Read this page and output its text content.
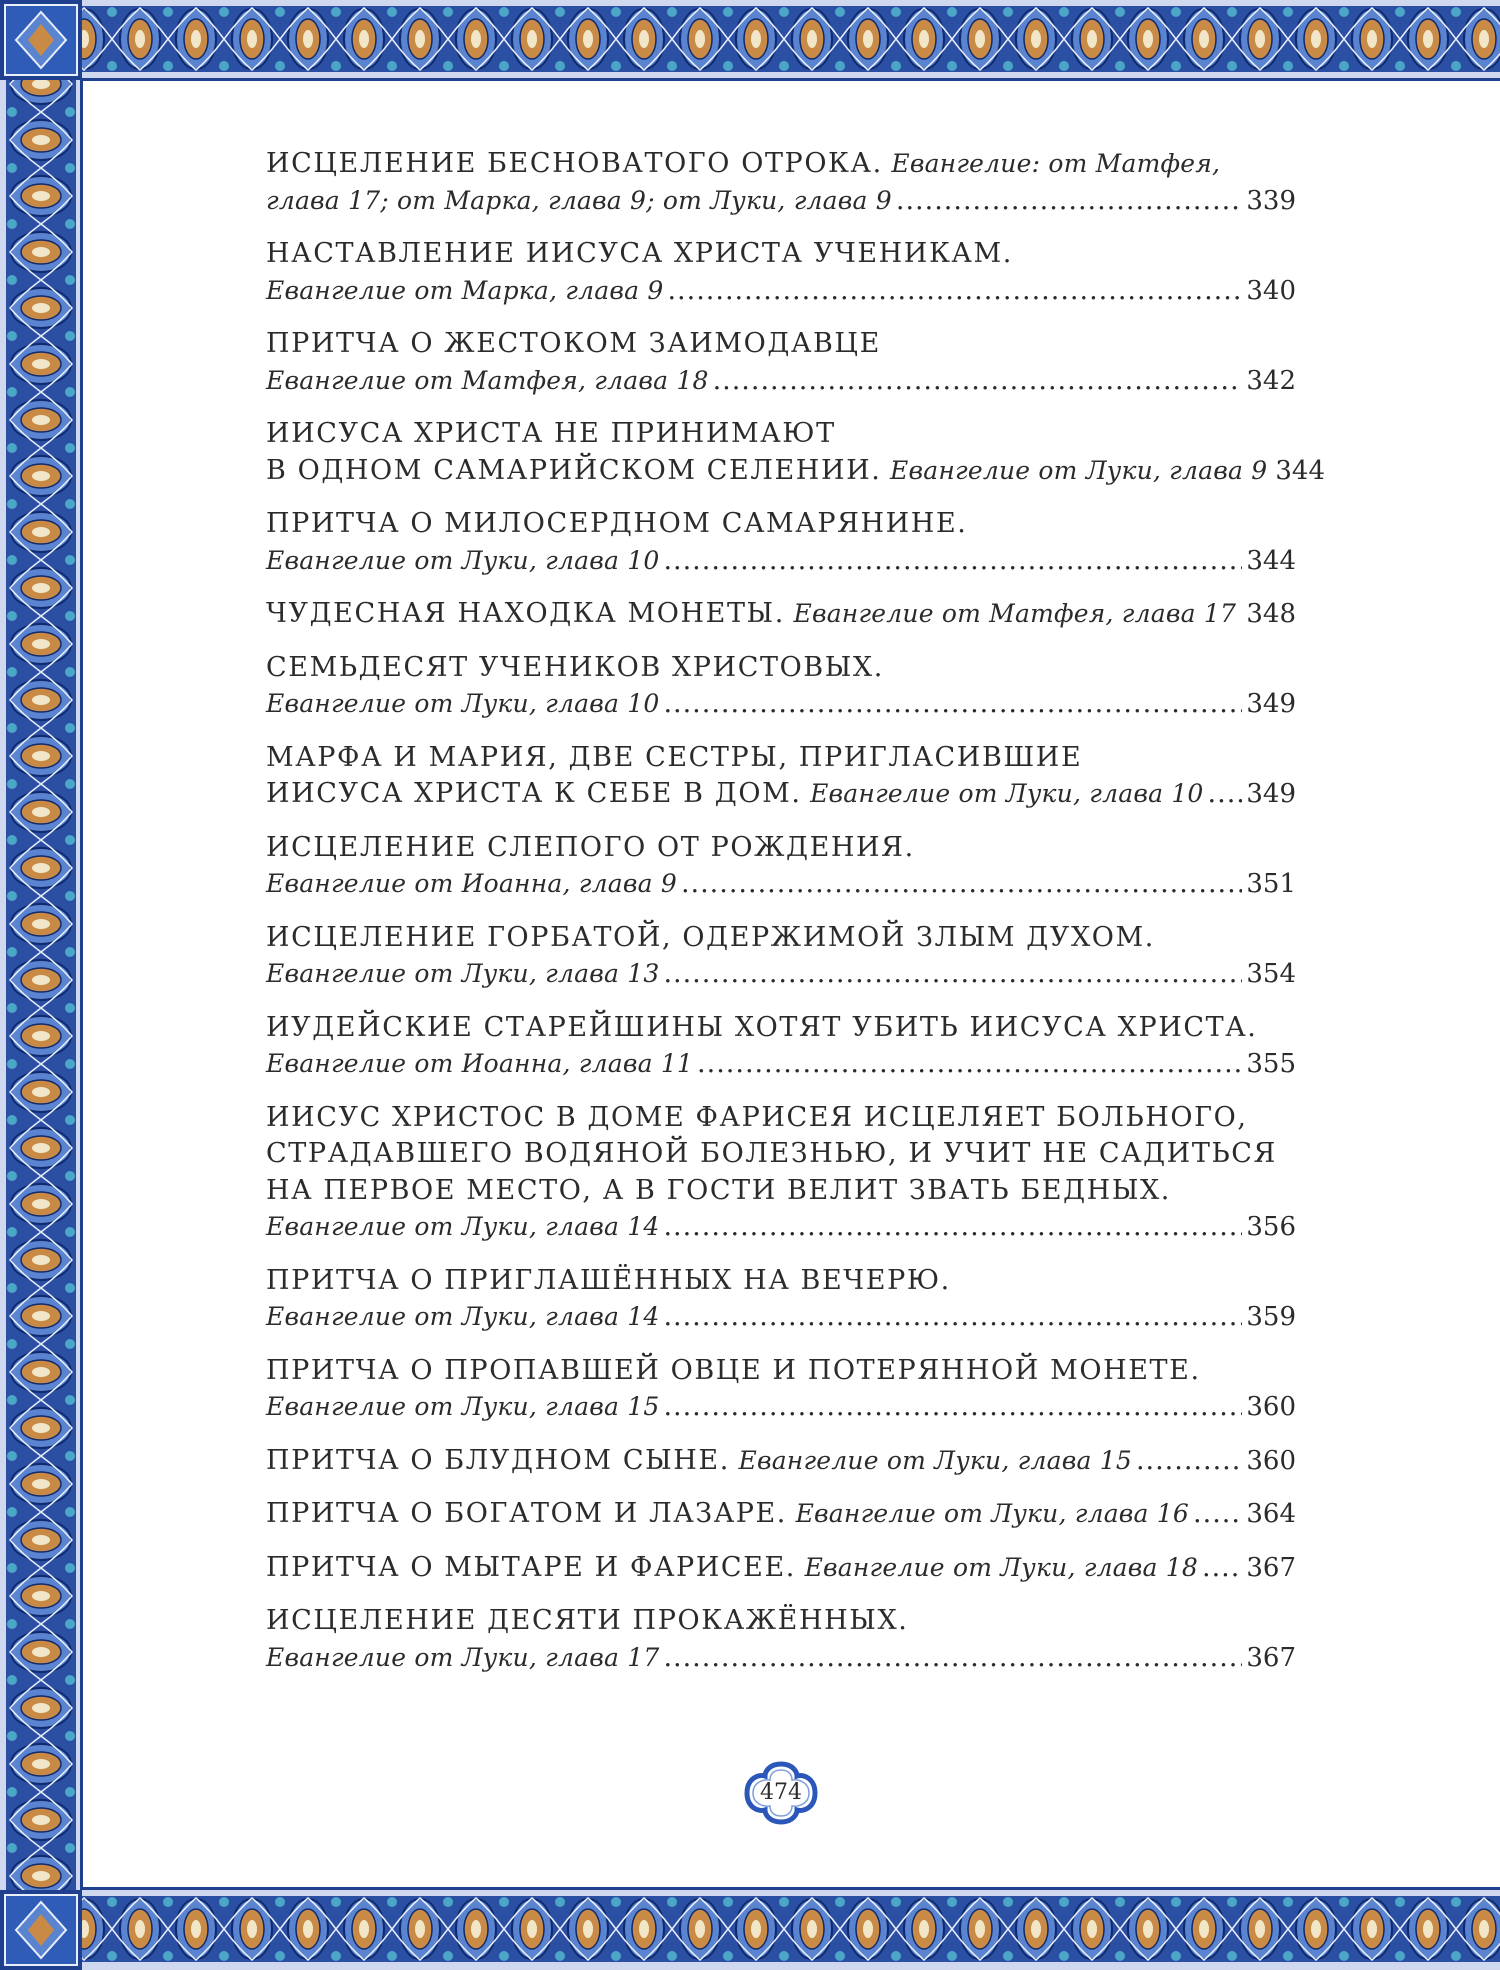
ИСЦЕЛЕНИЕ БЕСНОВАТОГО ОТРОКА. Евангелие: от Матфея,
глава 17; от Марка, глава 9; от Луки, глава 9 .....	339
НАСТАВЛЕНИЕ ИИСУСА ХРИСТА УЧЕНИКАМ.
Евангелие от Марка, глава 9 .....	340
ПРИТЧА О ЖЕСТОКОМ ЗАИМОДАВЦЕ
Евангелие от Матфея, глава 18 .....	342
ИИСУСА ХРИСТА НЕ ПРИНИМАЮТ
В ОДНОМ САМАРИЙСКОМ СЕЛЕНИИ. Евангелие от Луки, глава 9 344
ПРИТЧА О МИЛОСЕРДНОМ САМАРЯНИНЕ.
Евангелие от Луки, глава 10 .....	344
ЧУДЕСНАЯ НАХОДКА МОНЕТЫ. Евангелие от Матфея, глава 17 ..... 348
СЕМЬДЕСЯТ УЧЕНИКОВ ХРИСТОВЫХ.
Евангелие от Луки, глава 10 .....	349
МАРФА И МАРИЯ, ДВЕ СЕСТРЫ, ПРИГЛАСИВШИЕ
ИИСУСА ХРИСТА К СЕБЕ В ДОМ. Евангелие от Луки, глава 10 ..... 349
ИСЦЕЛЕНИЕ СЛЕПОГО ОТ РОЖДЕНИЯ.
Евангелие от Иоанна, глава 9 .....	351
ИСЦЕЛЕНИЕ ГОРБАТОЙ, ОДЕРЖИМОЙ ЗЛЫМ ДУХОМ.
Евангелие от Луки, глава 13 .....	354
ИУДЕЙСКИЕ СТАРЕЙШИНЫ ХОТЯТ УБИТЬ ИИСУСА ХРИСТА.
Евангелие от Иоанна, глава 11 .....	355
ИИСУС ХРИСТОС В ДОМЕ ФАРИСЕЯ ИСЦЕЛЯЕТ БОЛЬНОГО,
СТРАДАВШЕГО ВОДЯНОЙ БОЛЕЗНЬЮ, И УЧИТ НЕ САДИТЬСЯ
НА ПЕРВОЕ МЕСТО, А В ГОСТИ ВЕЛИТ ЗВАТЬ БЕДНЫХ.
Евангелие от Луки, глава 14 .....	356
ПРИТЧА О ПРИГЛАШЁННЫХ НА ВЕЧЕРЮ.
Евангелие от Луки, глава 14 .....	359
ПРИТЧА О ПРОПАВШЕЙ ОВЦЕ И ПОТЕРЯННОЙ МОНЕТЕ.
Евангелие от Луки, глава 15 .....	360
ПРИТЧА О БЛУДНОМ СЫНЕ. Евангелие от Луки, глава 15 .....	360
ПРИТЧА О БОГАТОМ И ЛАЗАРЕ. Евангелие от Луки, глава 16 ..... 364
ПРИТЧА О МЫТАРЕ И ФАРИСЕЕ. Евангелие от Луки, глава 18 ..... 367
ИСЦЕЛЕНИЕ ДЕСЯТИ ПРОКАЖЁННЫХ.
Евангелие от Луки, глава 17 .....	367
474
